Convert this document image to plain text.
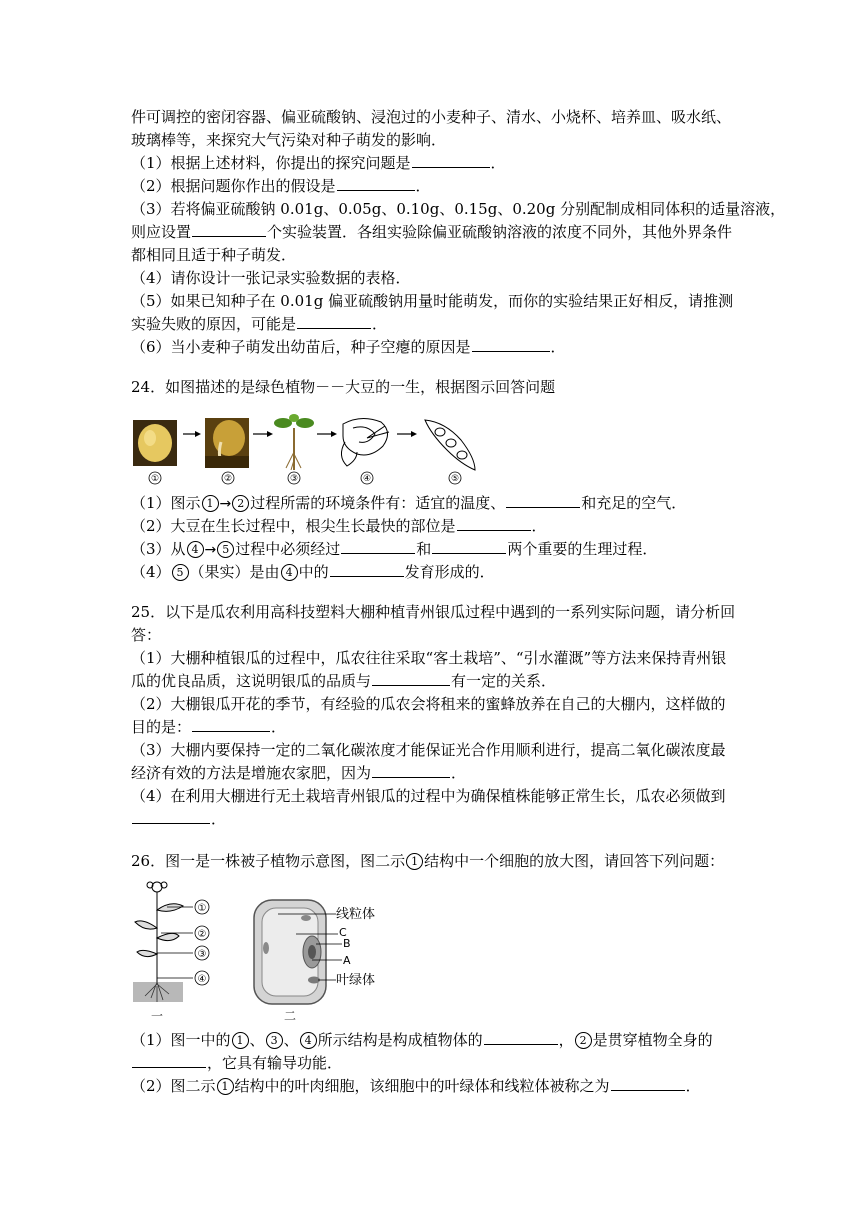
件可调控的密闭容器、偏亚硫酸钠、浸泡过的小麦种子、清水、小烧杯、培养皿、吸水纸、
玻璃棒等，来探究大气污染对种子萌发的影响．
（1）根据上述材料，你提出的探究问题是	．
（2）根据问题你作出的假设是	．
（3）若将偏亚硫酸钠 0.01g、0.05g、0.10g、0.15g、0.20g 分别配制成相同体积的适量溶液，
则应设置	个实验装置．各组实验除偏亚硫酸钠溶液的浓度不同外，其他外界条件
都相同且适于种子萌发．
（4）请你设计一张记录实验数据的表格．
（5）如果已知种子在 0.01g 偏亚硫酸钠用量时能萌发，而你的实验结果正好相反，请推测
实验失败的原因，可能是	．
（6）当小麦种子萌发出幼苗后，种子空瘪的原因是	．
24．如图描述的是绿色植物－－大豆的一生，根据图示回答问题
①	②	③	④	⑤
（1）图示 1 → 2 过程所需的环境条件有：适宜的温度、	和充足的空气．
（2）大豆在生长过程中，根尖生长最快的部位是	．
（3）从 4 → 5 过程中必须经过	和	两个重要的生理过程．
（4） 5 （果实）是由 4 中的	发育形成的．
25．以下是瓜农利用高科技塑料大棚种植青州银瓜过程中遇到的一系列实际问题，请分析回
答：
（1）大棚种植银瓜的过程中，瓜农往往采取“客土栽培”、“引水灌溉”等方法来保持青州银
瓜的优良品质，这说明银瓜的品质与	有一定的关系．
（2）大棚银瓜开花的季节，有经验的瓜农会将租来的蜜蜂放养在自己的大棚内，这样做的
目的是：	．
（3）大棚内要保持一定的二氧化碳浓度才能保证光合作用顺利进行，提高二氧化碳浓度最
经济有效的方法是增施农家肥，因为	．
（4）在利用大棚进行无土栽培青州银瓜的过程中为确保植株能够正常生长，瓜农必须做到
．
26．图一是一株被子植物示意图，图二示 1 结构中一个细胞的放大图，请回答下列问题：
①
②
③
④
一
线粒体
C
B
A
叶绿体
二
（1）图一中的 1 、 3 、 4 所示结构是构成植物体的	， 2 是贯穿植物全身的
，它具有输导功能．
（2）图二示 1 结构中的叶肉细胞，该细胞中的叶绿体和线粒体被称之为	．
